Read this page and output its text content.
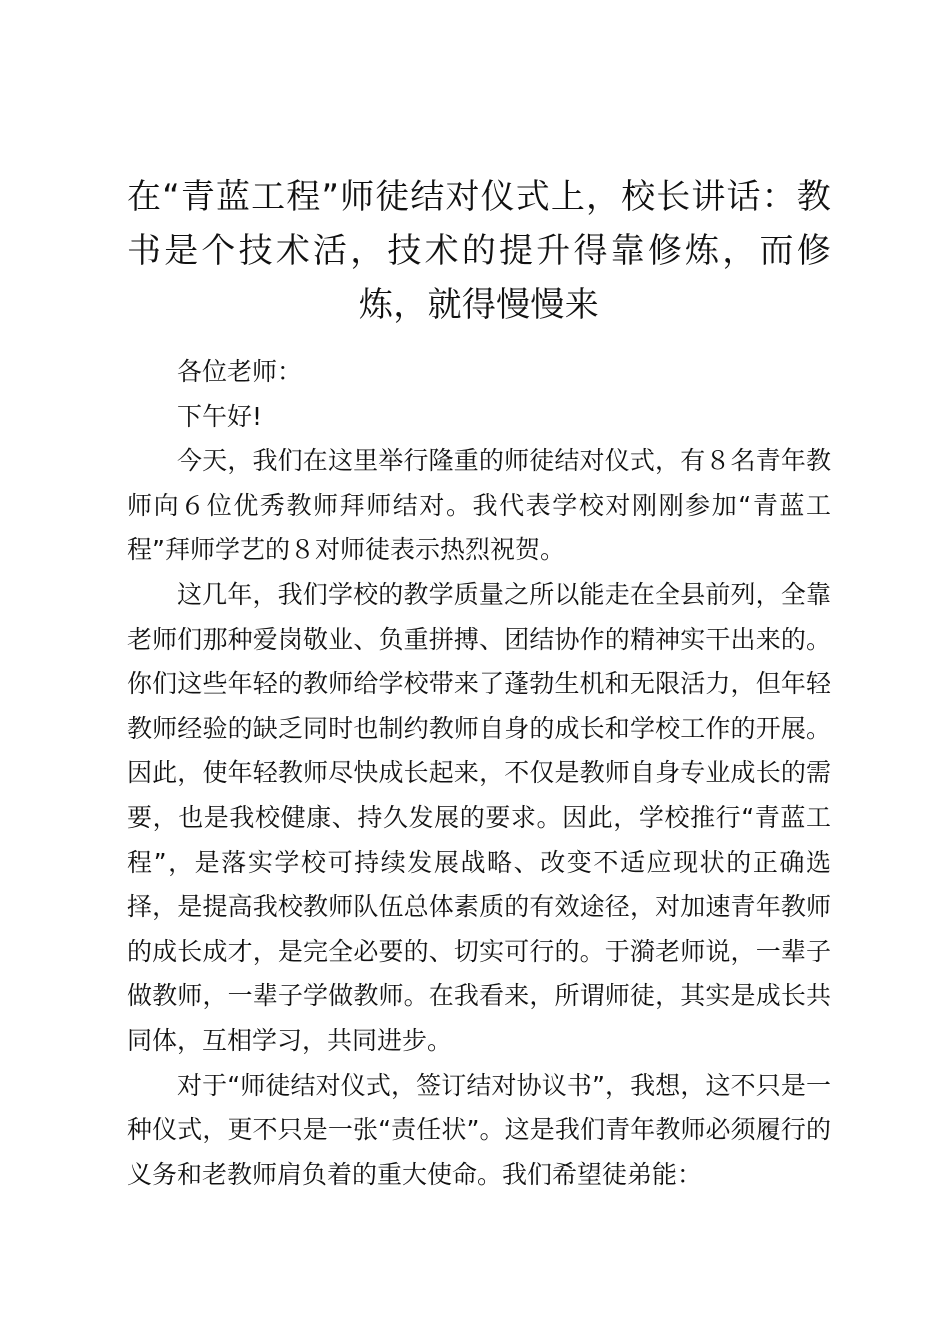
在“青蓝工程”师徒结对仪式上，校长讲话：教书是个技术活，技术的提升得靠修炼，而修炼，就得慢慢来

各位老师：

下午好!

今天，我们在这里举行隆重的师徒结对仪式，有８名青年教师向６位优秀教师拜师结对。我代表学校对刚刚参加“青蓝工程”拜师学艺的８对师徒表示热烈祝贺。

这几年，我们学校的教学质量之所以能走在全县前列，全靠老师们那种爱岗敬业、负重拼搏、团结协作的精神实干出来的。你们这些年轻的教师给学校带来了蓬勃生机和无限活力，但年轻教师经验的缺乏同时也制约教师自身的成长和学校工作的开展。因此，使年轻教师尽快成长起来，不仅是教师自身专业成长的需要，也是我校健康、持久发展的要求。因此，学校推行“青蓝工程”，是落实学校可持续发展战略、改变不适应现状的正确选择，是提高我校教师队伍总体素质的有效途径，对加速青年教师的成长成才，是完全必要的、切实可行的。于漪老师说，一辈子做教师，一辈子学做教师。在我看来，所谓师徒，其实是成长共同体，互相学习，共同进步。

对于“师徒结对仪式，签订结对协议书”，我想，这不只是一种仪式，更不只是一张“责任状”。这是我们青年教师必须履行的义务和老教师肩负着的重大使命。我们希望徒弟能：
